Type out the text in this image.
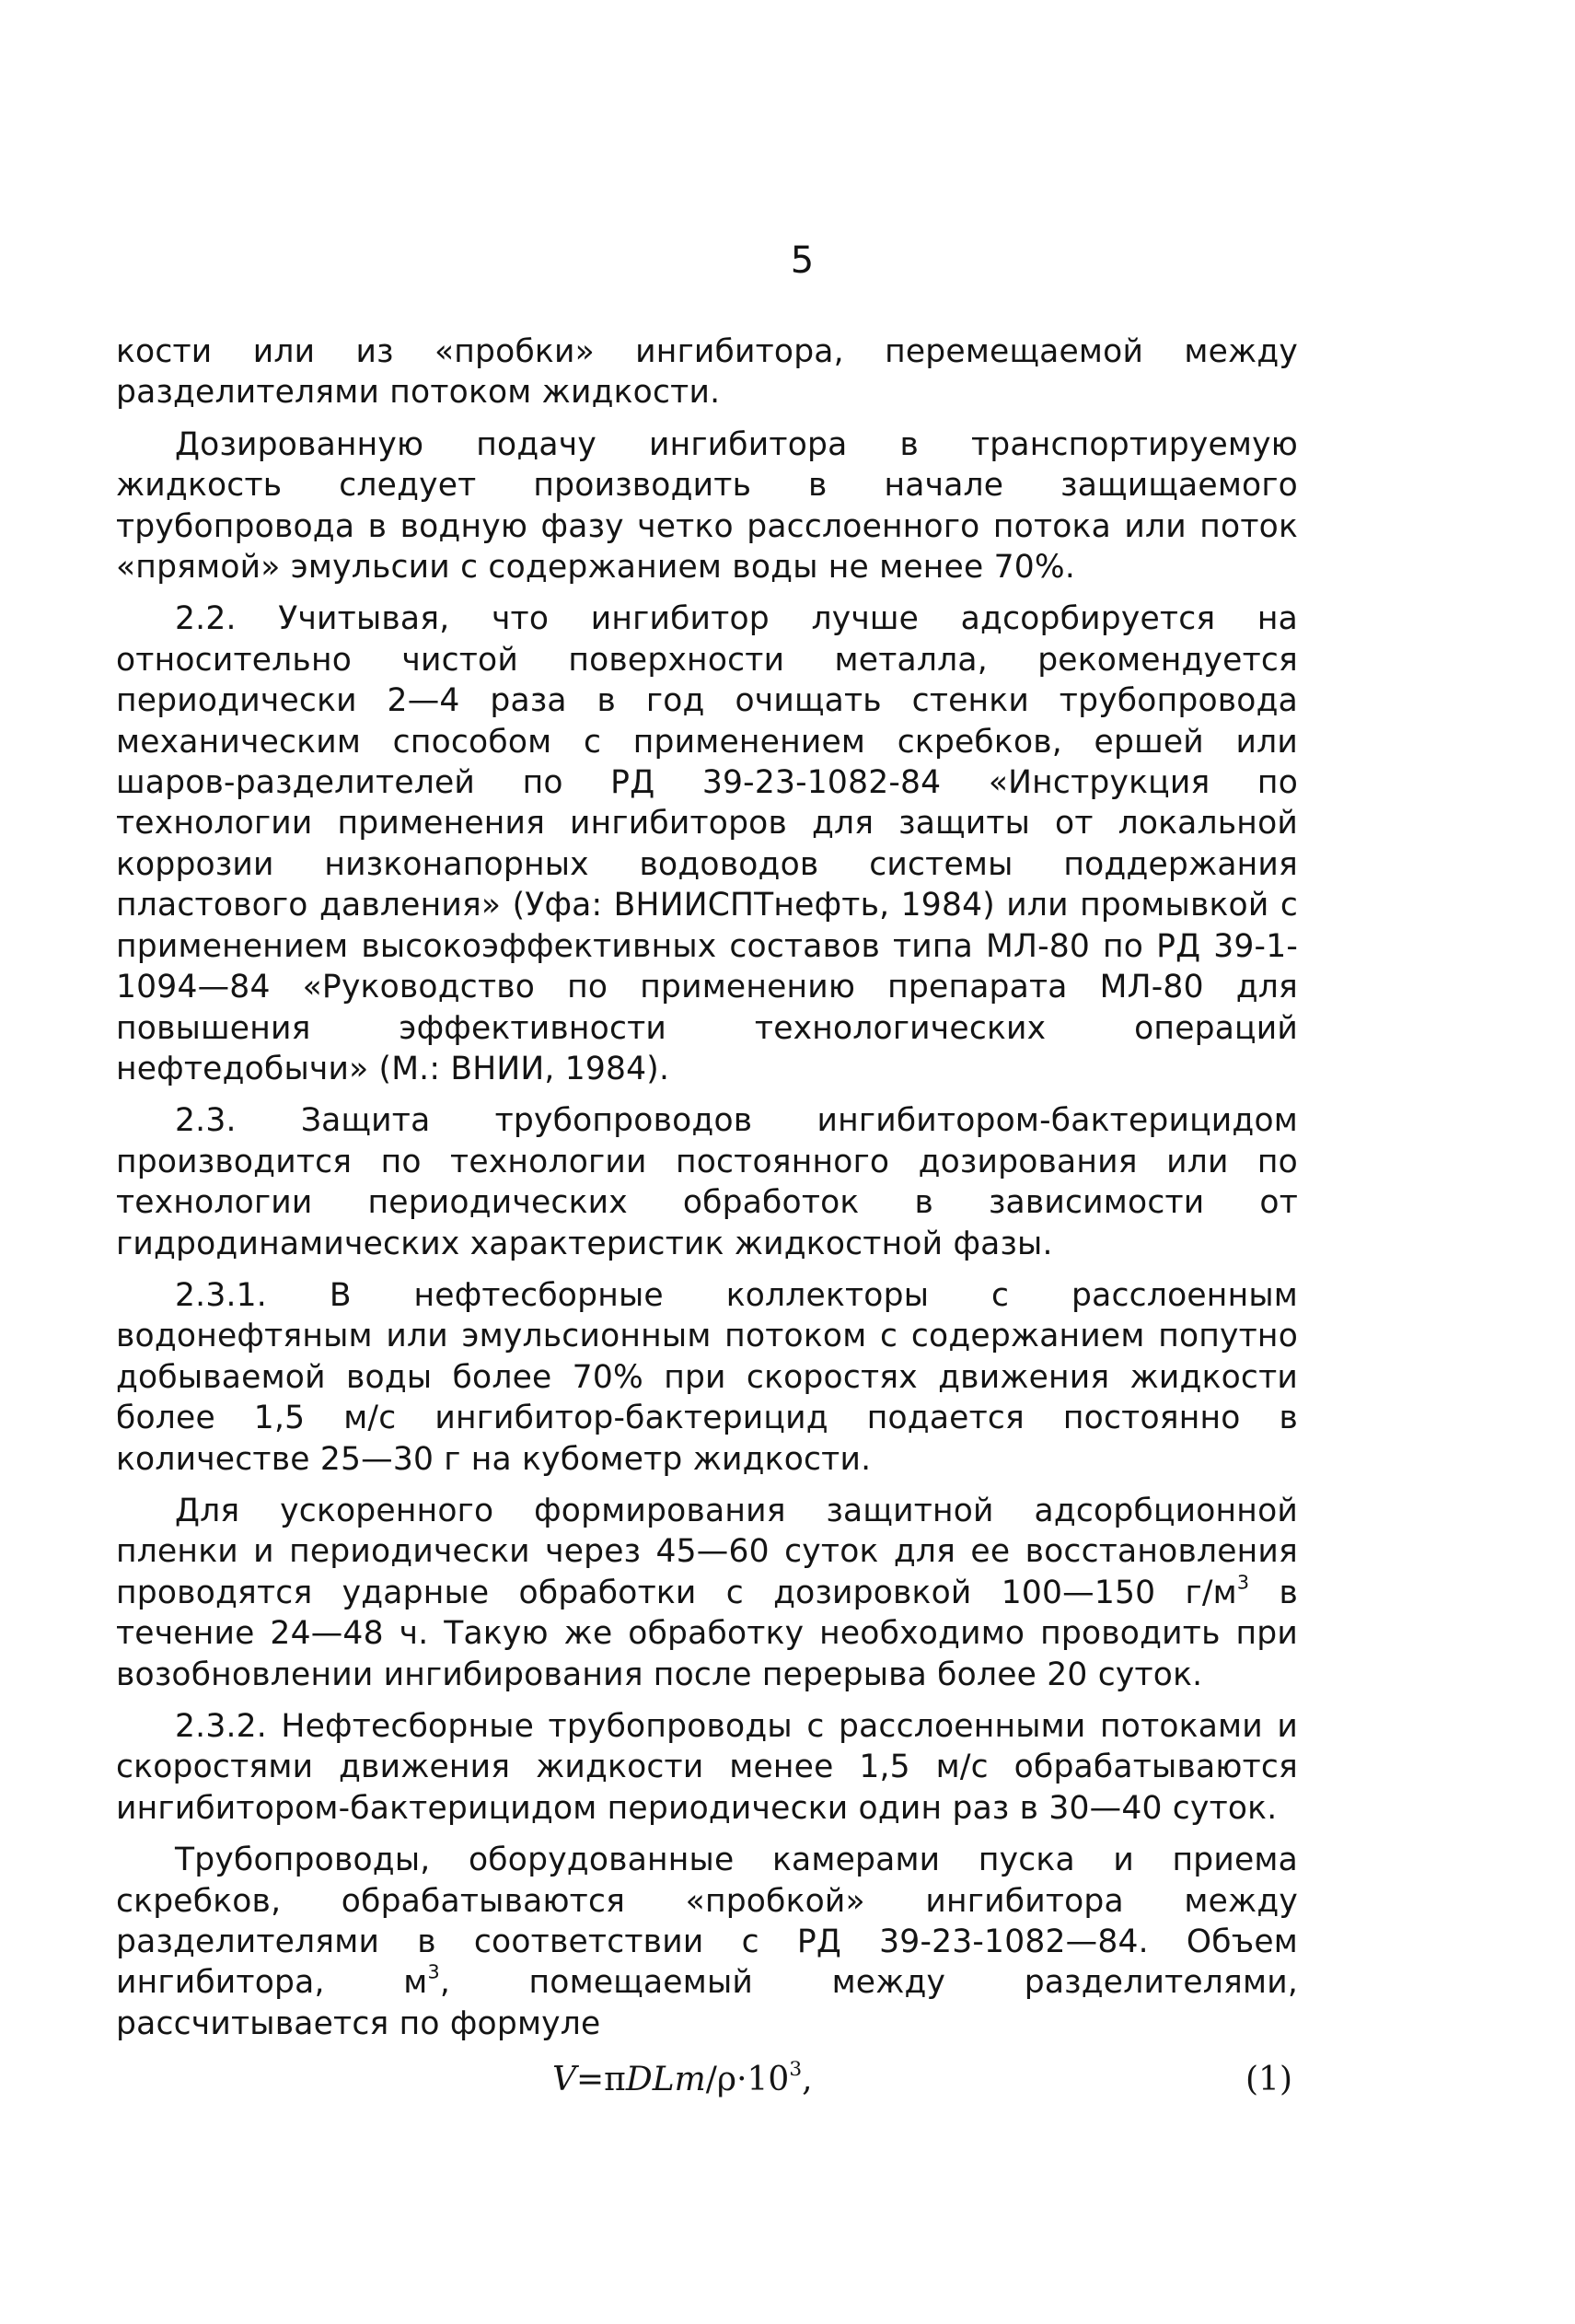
5

кости или из «пробки» ингибитора, перемещаемой между разделителями потоком жидкости.

Дозированную подачу ингибитора в транспортируемую жидкость следует производить в начале защищаемого трубопровода в водную фазу четко расслоенного потока или поток «прямой» эмульсии с содержанием воды не менее 70%.

2.2. Учитывая, что ингибитор лучше адсорбируется на относительно чистой поверхности металла, рекомендуется периодически 2—4 раза в год очищать стенки трубопровода механическим способом с применением скребков, ершей или шаров-разделителей по РД 39-23-1082-84 «Инструкция по технологии применения ингибиторов для защиты от локальной коррозии низконапорных водоводов системы поддержания пластового давления» (Уфа: ВНИИСПТнефть, 1984) или промывкой с применением высокоэффективных составов типа МЛ-80 по РД 39-1-1094—84 «Руководство по применению препарата МЛ-80 для повышения эффективности технологических операций нефтедобычи» (М.: ВНИИ, 1984).

2.3. Защита трубопроводов ингибитором-бактерицидом производится по технологии постоянного дозирования или по технологии периодических обработок в зависимости от гидродинамических характеристик жидкостной фазы.

2.3.1. В нефтесборные коллекторы с расслоенным водонефтяным или эмульсионным потоком с содержанием попутно добываемой воды более 70% при скоростях движения жидкости более 1,5 м/с ингибитор-бактерицид подается постоянно в количестве 25—30 г на кубометр жидкости.

Для ускоренного формирования защитной адсорбционной пленки и периодически через 45—60 суток для ее восстановления проводятся ударные обработки с дозировкой 100—150 $г/м^3$ в течение 24—48 ч. Такую же обработку необходимо проводить при возобновлении ингибирования после перерыва более 20 суток.

2.3.2. Нефтесборные трубопроводы с расслоенными потоками и скоростями движения жидкости менее 1,5 м/с обрабатываются ингибитором-бактерицидом периодически один раз в 30—40 суток.

Трубопроводы, оборудованные камерами пуска и приема скребков, обрабатываются «пробкой» ингибитора между разделителями в соответствии с РД 39-23-1082—84. Объем ингибитора, $м^3$, помещаемый между разделителями, рассчитывается по формуле

$V=\pi DLm/\rho\cdot 10^3$,	(1)
